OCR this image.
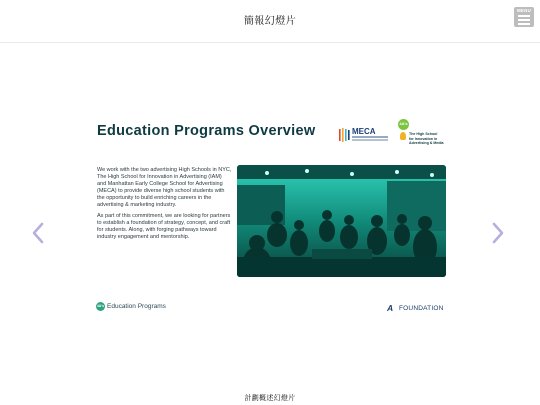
簡報幻燈片
MENU
Education Programs Overview	MECA
4A's
The High School
for Innovation in
Advertising & Media

We work with the two advertising High Schools in NYC, The High School for Innovation in Advertising (IAM) and Manhattan Early College School for Advertising (MECA) to provide diverse high school students with the opportunity to build enriching careers in the advertising & marketing industry.

As part of this commitment, we are looking for partners to establish a foundation of strategy, concept, and craft for students. Along, with forging pathways toward industry engagement and mentorship.

4A's Education Programs	A FOUNDATION
計劃概述幻燈片
